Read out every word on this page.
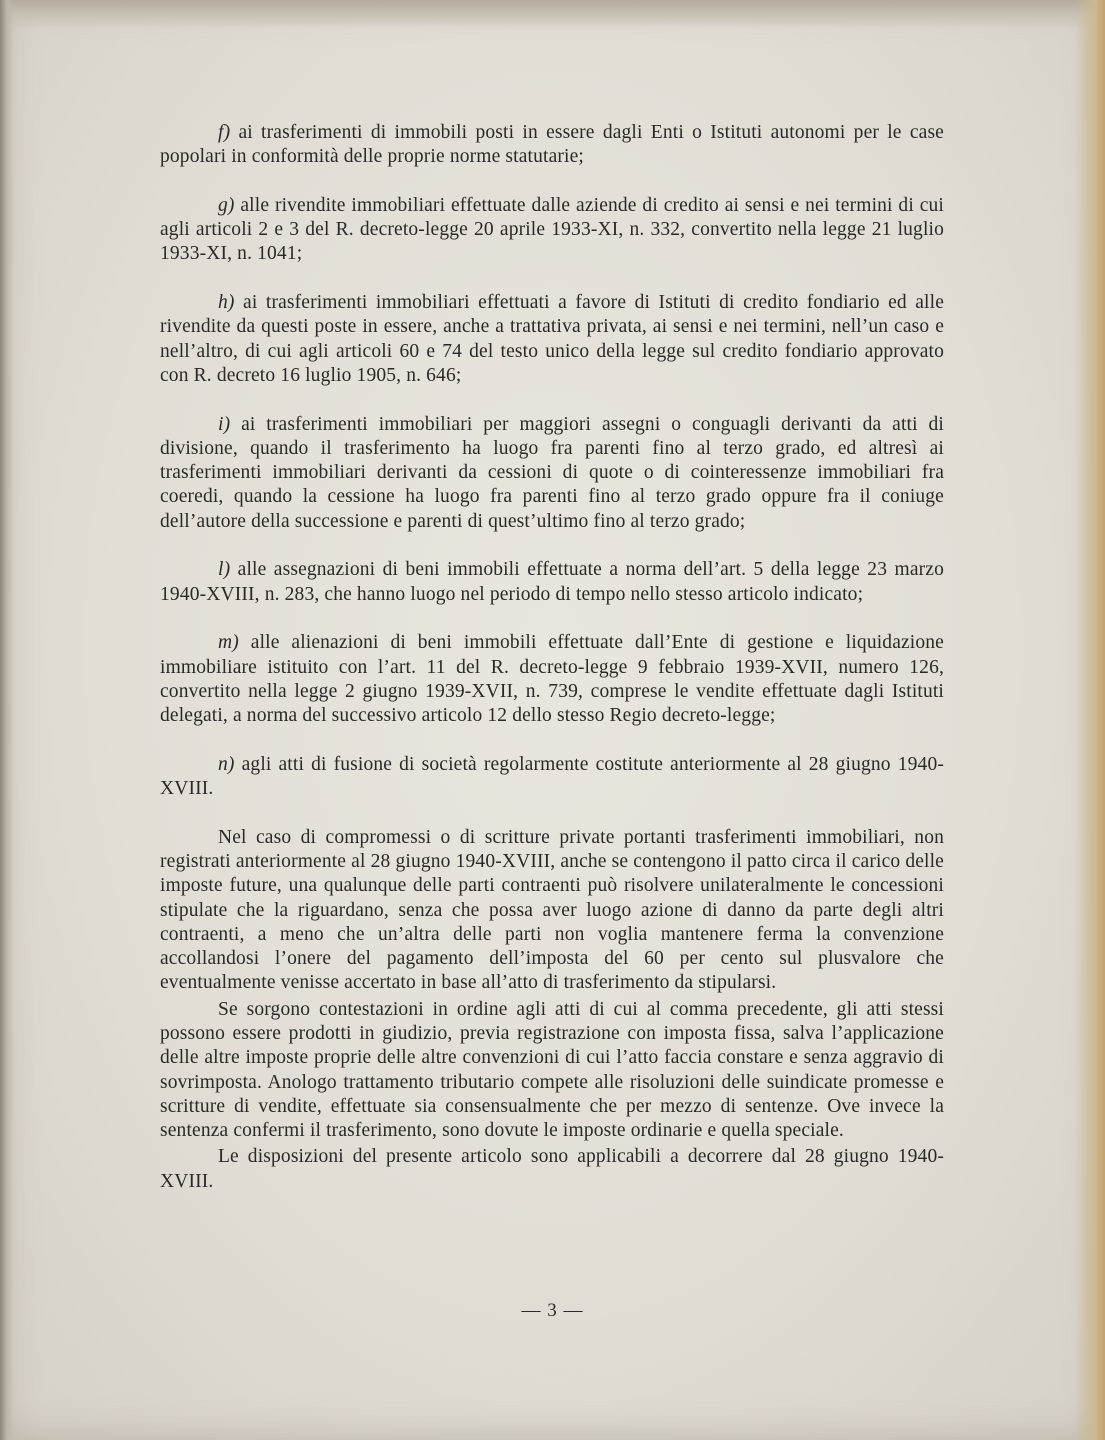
f) ai trasferimenti di immobili posti in essere dagli Enti o Istituti autonomi per le case popolari in conformità delle proprie norme statutarie;

g) alle rivendite immobiliari effettuate dalle aziende di credito ai sensi e nei termini di cui agli articoli 2 e 3 del R. decreto-legge 20 aprile 1933-XI, n. 332, convertito nella legge 21 luglio 1933-XI, n. 1041;

h) ai trasferimenti immobiliari effettuati a favore di Istituti di credito fondiario ed alle rivendite da questi poste in essere, anche a trattativa privata, ai sensi e nei termini, nell’un caso e nell’altro, di cui agli articoli 60 e 74 del testo unico della legge sul credito fondiario approvato con R. decreto 16 luglio 1905, n. 646;

i) ai trasferimenti immobiliari per maggiori assegni o conguagli derivanti da atti di divisione, quando il trasferimento ha luogo fra parenti fino al terzo grado, ed altresì ai trasferimenti immobiliari derivanti da cessioni di quote o di cointeressenze immobiliari fra coeredi, quando la cessione ha luogo fra parenti fino al terzo grado oppure fra il coniuge dell’autore della successione e parenti di quest’ultimo fino al terzo grado;

l) alle assegnazioni di beni immobili effettuate a norma dell’art. 5 della legge 23 marzo 1940-XVIII, n. 283, che hanno luogo nel periodo di tempo nello stesso articolo indicato;

m) alle alienazioni di beni immobili effettuate dall’Ente di gestione e liquidazione immobiliare istituito con l’art. 11 del R. decreto-legge 9 febbraio 1939-XVII, numero 126, convertito nella legge 2 giugno 1939-XVII, n. 739, comprese le vendite effettuate dagli Istituti delegati, a norma del successivo articolo 12 dello stesso Regio decreto-legge;

n) agli atti di fusione di società regolarmente costitute anteriormente al 28 giugno 1940-XVIII.

Nel caso di compromessi o di scritture private portanti trasferimenti immobiliari, non registrati anteriormente al 28 giugno 1940-XVIII, anche se contengono il patto circa il carico delle imposte future, una qualunque delle parti contraenti può risolvere unilateralmente le concessioni stipulate che la riguardano, senza che possa aver luogo azione di danno da parte degli altri contraenti, a meno che un’altra delle parti non voglia mantenere ferma la convenzione accollandosi l’onere del pagamento dell’imposta del 60 per cento sul plusvalore che eventualmente venisse accertato in base all’atto di trasferimento da stipularsi.

Se sorgono contestazioni in ordine agli atti di cui al comma precedente, gli atti stessi possono essere prodotti in giudizio, previa registrazione con imposta fissa, salva l’applicazione delle altre imposte proprie delle altre convenzioni di cui l’atto faccia constare e senza aggravio di sovrimposta. Anologo trattamento tributario compete alle risoluzioni delle suindicate promesse e scritture di vendite, effettuate sia consensualmente che per mezzo di sentenze. Ove invece la sentenza confermi il trasferimento, sono dovute le imposte ordinarie e quella speciale.

Le disposizioni del presente articolo sono applicabili a decorrere dal 28 giugno 1940-XVIII.

— 3 —
